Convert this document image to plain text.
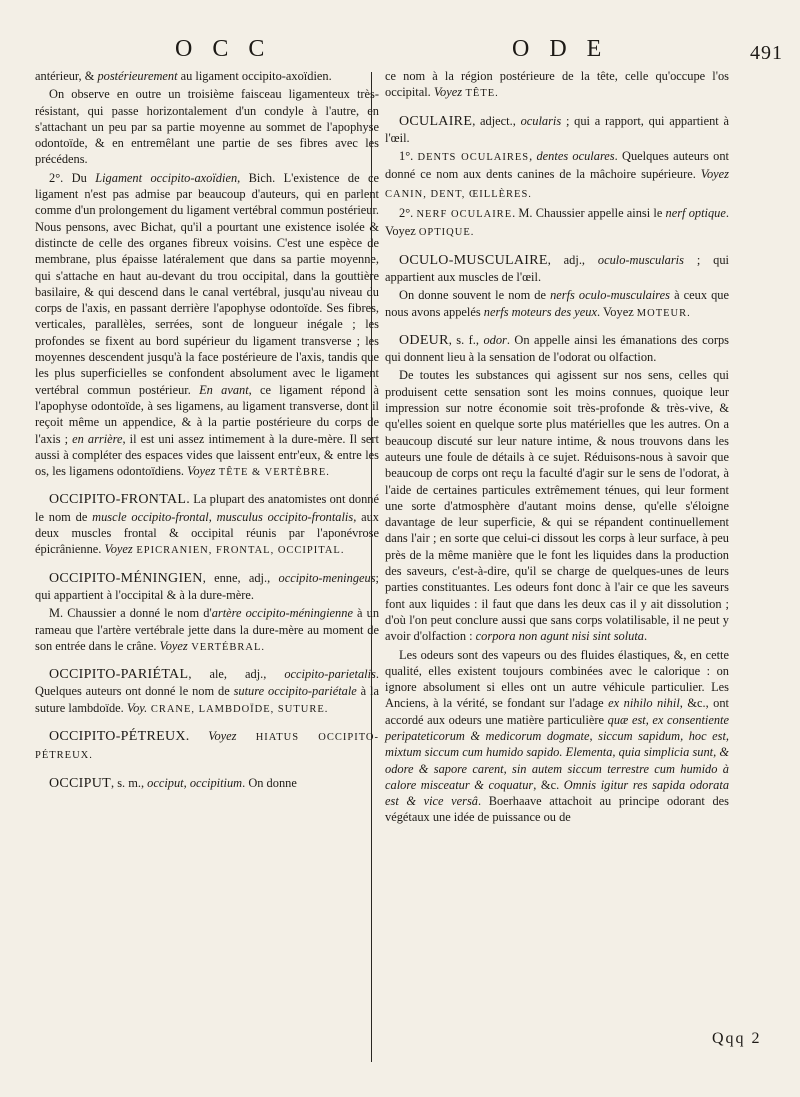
O C C	O D E	491

antérieur, & postérieurement au ligament occipito-axoïdien.

On observe en outre un troisième faisceau ligamenteux très-résistant, qui passe horizontalement d'un condyle à l'autre, en s'attachant un peu par sa partie moyenne au sommet de l'apophyse odontoïde, & en entremêlant une partie de ses fibres avec les précédens.

2°. Du Ligament occipito-axoïdien, Bich. L'existence de ce ligament n'est pas admise par beaucoup d'auteurs, qui en parlent comme d'un prolongement du ligament vertébral commun postérieur. Nous pensons, avec Bichat, qu'il a pourtant une existence isolée & distincte de celle des organes fibreux voisins. C'est une espèce de membrane, plus épaisse latéralement que dans sa partie moyenne, qui s'attache en haut au-devant du trou occipital, dans la gouttière basilaire, & qui descend dans le canal vertébral, jusqu'au niveau du corps de l'axis, en passant derrière l'apophyse odontoïde. Ses fibres, verticales, parallèles, serrées, sont de longueur inégale ; les profondes se fixent au bord supérieur du ligament transverse ; les moyennes descendent jusqu'à la face postérieure de l'axis, tandis que les plus superficielles se confondent absolument avec le ligament vertébral commun postérieur. En avant, ce ligament répond à l'apophyse odontoïde, à ses ligamens, au ligament transverse, dont il reçoit même un appendice, & à la partie postérieure du corps de l'axis ; en arrière, il est uni assez intimement à la dure-mère. Il sert aussi à compléter des espaces vides que laissent entr'eux, & entre les os, les ligamens odontoïdiens. Voyez TÊTE & VERTÈBRE.

OCCIPITO-FRONTAL. La plupart des anatomistes ont donné le nom de muscle occipito-frontal, musculus occipito-frontalis, aux deux muscles frontal & occipital réunis par l'aponévrose épicrânienne. Voyez EPICRANIEN, FRONTAL, OCCIPITAL.

OCCIPITO-MÉNINGIEN, enne, adj., occipito-meningeus; qui appartient à l'occipital & à la dure-mère.

M. Chaussier a donné le nom d'artère occipito-méningienne à un rameau que l'artère vertébrale jette dans la dure-mère au moment de son entrée dans le crâne. Voyez VERTÉBRAL.

OCCIPITO-PARIÉTAL, ale, adj., occipito-parietalis. Quelques auteurs ont donné le nom de suture occipito-pariétale à la suture lambdoïde. Voy. CRANE, LAMBDOÏDE, SUTURE.

OCCIPITO-PÉTREUX. Voyez HIATUS OCCIPITO-PÉTREUX.

OCCIPUT, s. m., occiput, occipitium. On donne

ce nom à la région postérieure de la tête, celle qu'occupe l'os occipital. Voyez TÊTE.

OCULAIRE, adject., ocularis ; qui a rapport, qui appartient à l'œil.

1°. DENTS OCULAIRES, dentes oculares. Quelques auteurs ont donné ce nom aux dents canines de la mâchoire supérieure. Voyez CANIN, DENT, ŒILLÈRES.

2°. NERF OCULAIRE. M. Chaussier appelle ainsi le nerf optique. Voyez OPTIQUE.

OCULO-MUSCULAIRE, adj., oculo-muscularis ; qui appartient aux muscles de l'œil.

On donne souvent le nom de nerfs oculo-musculaires à ceux que nous avons appelés nerfs moteurs des yeux. Voyez MOTEUR.

ODEUR, s. f., odor. On appelle ainsi les émanations des corps qui donnent lieu à la sensation de l'odorat ou olfaction.

De toutes les substances qui agissent sur nos sens, celles qui produisent cette sensation sont les moins connues, quoique leur impression sur notre économie soit très-profonde & très-vive, & qu'elles soient en quelque sorte plus matérielles que les autres. On a beaucoup discuté sur leur nature intime, & nous trouvons dans les auteurs une foule de détails à ce sujet. Réduisons-nous à savoir que beaucoup de corps ont reçu la faculté d'agir sur le sens de l'odorat, à l'aide de certaines particules extrêmement ténues, qui leur forment une sorte d'atmosphère d'autant moins dense, qu'elle s'éloigne davantage de leur superficie, & qui se répandent continuellement dans l'air ; en sorte que celui-ci dissout les corps à leur surface, à peu près de la même manière que le font les liquides dans la production des saveurs, c'est-à-dire, qu'il se charge de quelques-unes de leurs parties constituantes. Les odeurs font donc à l'air ce que les saveurs font aux liquides : il faut que dans les deux cas il y ait dissolution ; d'où l'on peut conclure aussi que sans corps volatilisable, il ne peut y avoir d'olfaction : corpora non agunt nisi sint soluta.

Les odeurs sont des vapeurs ou des fluides élastiques, &, en cette qualité, elles existent toujours combinées avec le calorique : on ignore absolument si elles ont un autre véhicule particulier. Les Anciens, à la vérité, se fondant sur l'adage ex nihilo nihil, &c., ont accordé aux odeurs une matière particulière quæ est, ex consentiente peripateticorum & medicorum dogmate, siccum sapidum, hoc est, mixtum siccum cum humido sapido. Elementa, quia simplicia sunt, & odore & sapore carent, sin autem siccum terrestre cum humido à calore misceatur & coquatur, &c. Omnis igitur res sapida odorata est & vice versâ. Boerhaave attachoit au principe odorant des végétaux une idée de puissance ou de

Qqq 2
